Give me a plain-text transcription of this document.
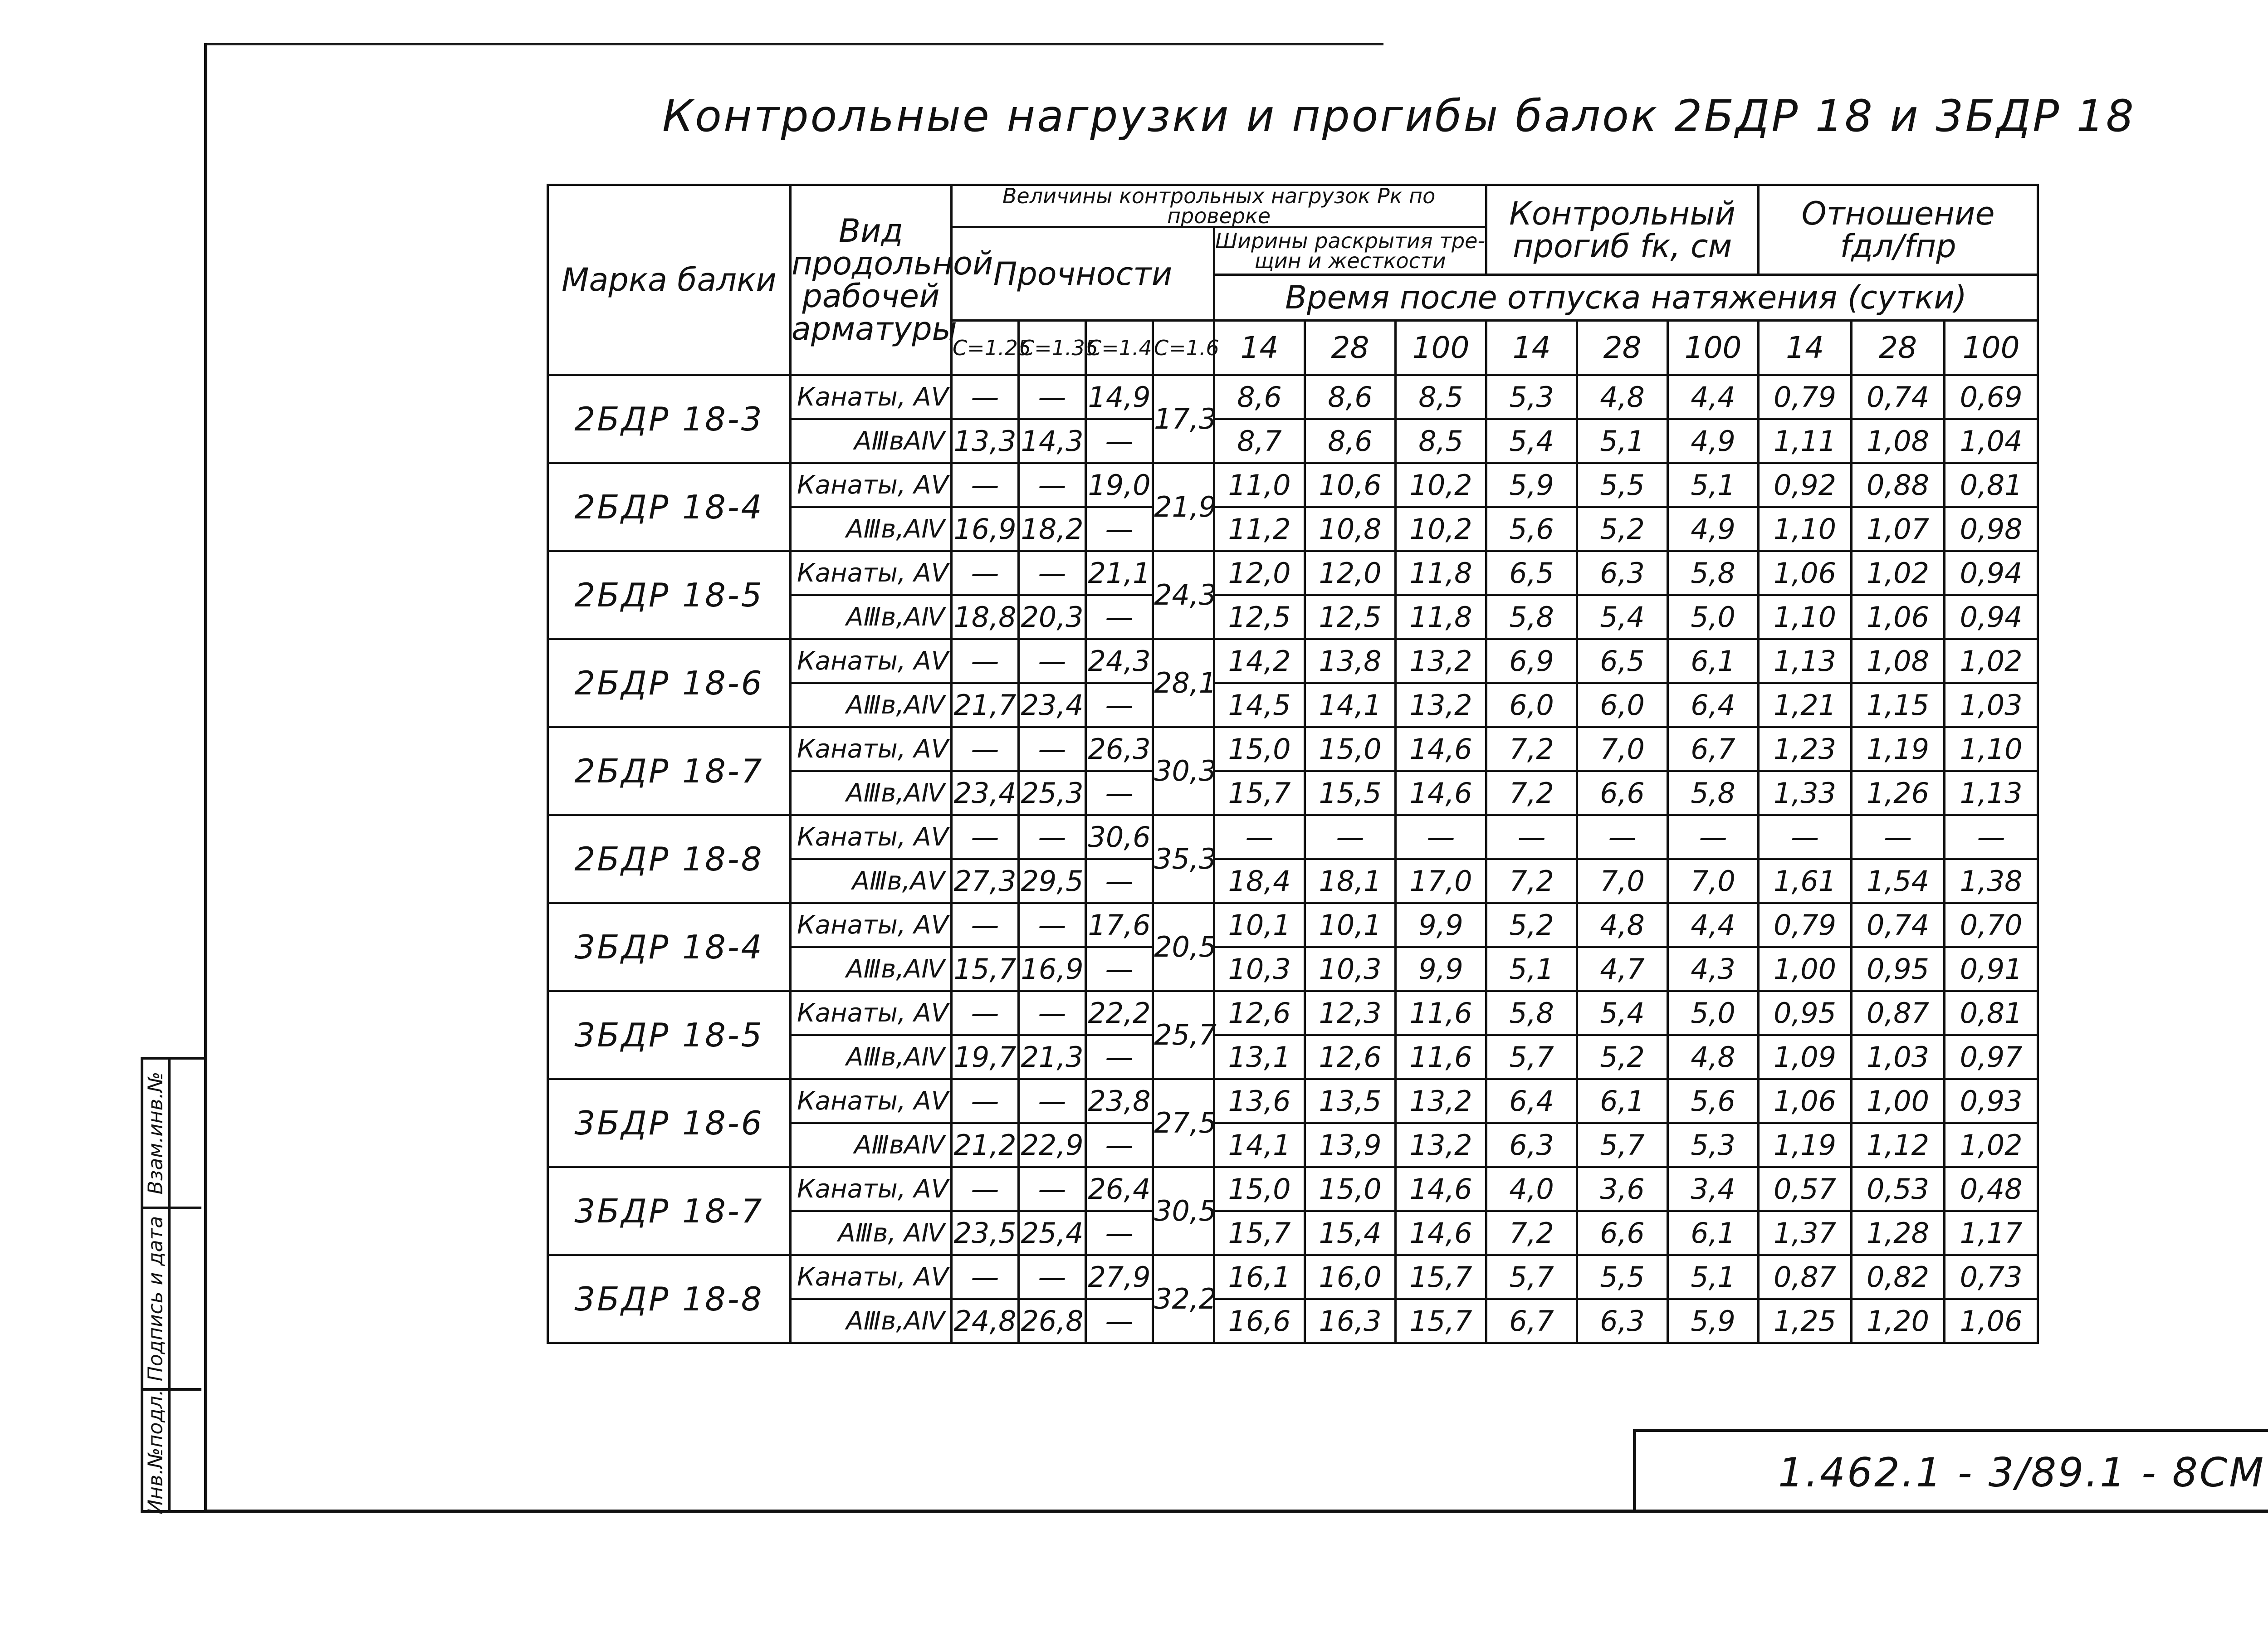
Контрольные нагрузки и прогибы балок 2БДР 18 и 3БДР 18
Марка балки	Вид продольной рабочей арматуры	Величины контрольных нагрузок Pк по проверке							Контрольный прогиб fк, см			Отношение fдл/fпр		
		Прочности				Ширины раскрытия тре- щин и жесткости								
						Время после отпуска натяжения (сутки)								
		C=1.25	C=1.35	C=1.4	C=1.6	14	28	100	14	28	100	14	28	100
2БДР 18-3	Канаты, АⅤ	—	—	14,9	17,3	8,6	8,6	8,5	5,3	4,8	4,4	0,79	0,74	0,69
	АⅢвАⅣ	13,3	14,3	—		8,7	8,6	8,5	5,4	5,1	4,9	1,11	1,08	1,04
2БДР 18-4	Канаты, АⅤ	—	—	19,0	21,9	11,0	10,6	10,2	5,9	5,5	5,1	0,92	0,88	0,81
	АⅢв,АⅣ	16,9	18,2	—		11,2	10,8	10,2	5,6	5,2	4,9	1,10	1,07	0,98
2БДР 18-5	Канаты, АⅤ	—	—	21,1	24,3	12,0	12,0	11,8	6,5	6,3	5,8	1,06	1,02	0,94
	АⅢв,АⅣ	18,8	20,3	—		12,5	12,5	11,8	5,8	5,4	5,0	1,10	1,06	0,94
2БДР 18-6	Канаты, АⅤ	—	—	24,3	28,1	14,2	13,8	13,2	6,9	6,5	6,1	1,13	1,08	1,02
	АⅢв,АⅣ	21,7	23,4	—		14,5	14,1	13,2	6,0	6,0	6,4	1,21	1,15	1,03
2БДР 18-7	Канаты, АⅤ	—	—	26,3	30,3	15,0	15,0	14,6	7,2	7,0	6,7	1,23	1,19	1,10
	АⅢв,АⅣ	23,4	25,3	—		15,7	15,5	14,6	7,2	6,6	5,8	1,33	1,26	1,13
2БДР 18-8	Канаты, АⅤ	—	—	30,6	35,3	—	—	—	—	—	—	—	—	—
	АⅢв,АⅤ	27,3	29,5	—		18,4	18,1	17,0	7,2	7,0	7,0	1,61	1,54	1,38
3БДР 18-4	Канаты, АⅤ	—	—	17,6	20,5	10,1	10,1	9,9	5,2	4,8	4,4	0,79	0,74	0,70
	АⅢв,АⅣ	15,7	16,9	—		10,3	10,3	9,9	5,1	4,7	4,3	1,00	0,95	0,91
3БДР 18-5	Канаты, АⅤ	—	—	22,2	25,7	12,6	12,3	11,6	5,8	5,4	5,0	0,95	0,87	0,81
	АⅢв,АⅣ	19,7	21,3	—		13,1	12,6	11,6	5,7	5,2	4,8	1,09	1,03	0,97
3БДР 18-6	Канаты, АⅤ	—	—	23,8	27,5	13,6	13,5	13,2	6,4	6,1	5,6	1,06	1,00	0,93
	АⅢвАⅣ	21,2	22,9	—		14,1	13,9	13,2	6,3	5,7	5,3	1,19	1,12	1,02
3БДР 18-7	Канаты, АⅤ	—	—	26,4	30,5	15,0	15,0	14,6	4,0	3,6	3,4	0,57	0,53	0,48
	АⅢв, АⅣ	23,5	25,4	—		15,7	15,4	14,6	7,2	6,6	6,1	1,37	1,28	1,17
3БДР 18-8	Канаты, АⅤ	—	—	27,9	32,2	16,1	16,0	15,7	5,7	5,5	5,1	0,87	0,82	0,73
	АⅢв,АⅣ	24,8	26,8	—		16,6	16,3	15,7	6,7	6,3	5,9	1,25	1,20	1,06
Взам.инв.№
Подпись и дата
Инв.№подл.	1.462.1 - 3/89.1 - 8СМ
